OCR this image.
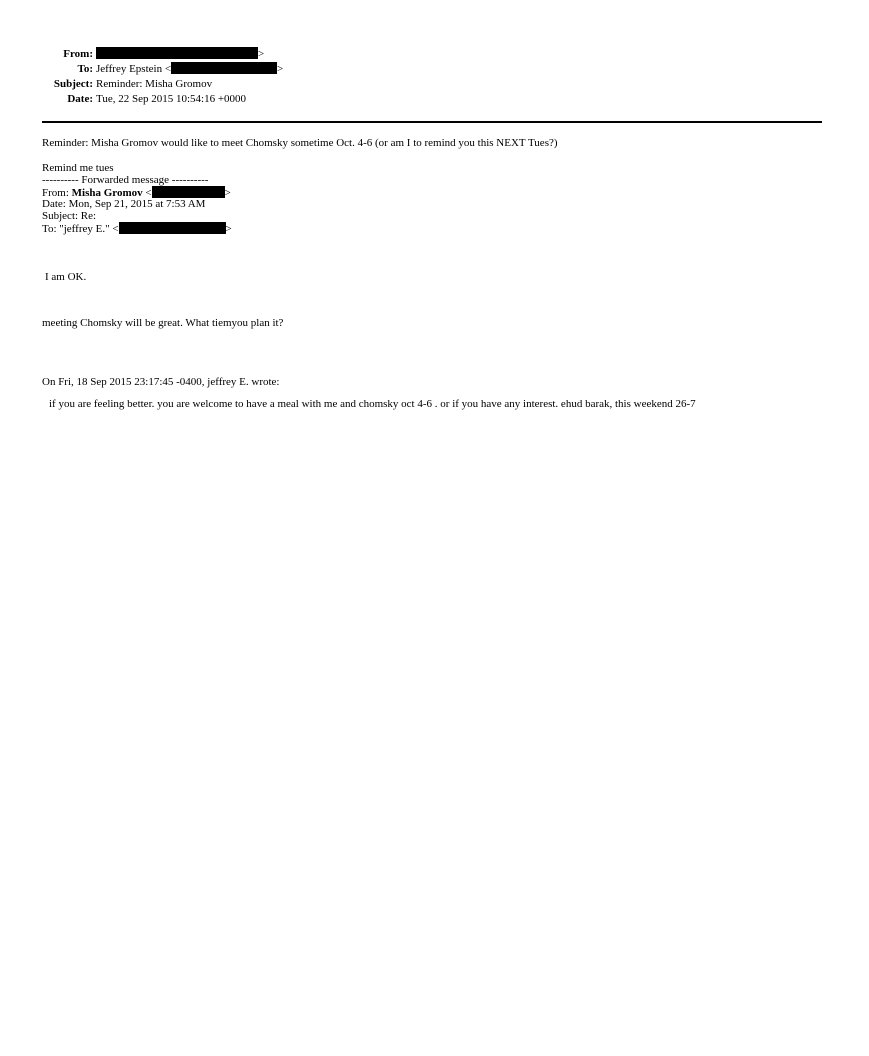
From:	>
To: Jeffrey Epstein <	>
Subject: Reminder: Misha Gromov
Date: Tue, 22 Sep 2015 10:54:16 +0000
Reminder: Misha Gromov would like to meet Chomsky sometime Oct. 4-6 (or am I to remind you this NEXT Tues?)
Remind me tues
---------- Forwarded message ----------
From: Misha Gromov <	>
Date: Mon, Sep 21, 2015 at 7:53 AM
Subject: Re:
To: "jeffrey E." <	>
I am OK.
meeting Chomsky will be great. What tiemyou plan it?
On Fri, 18 Sep 2015 23:17:45 -0400, jeffrey E. wrote:
if you are feeling better. you are welcome to have a meal with me and chomsky oct 4-6 . or if you have any interest. ehud barak, this weekend 26-7
